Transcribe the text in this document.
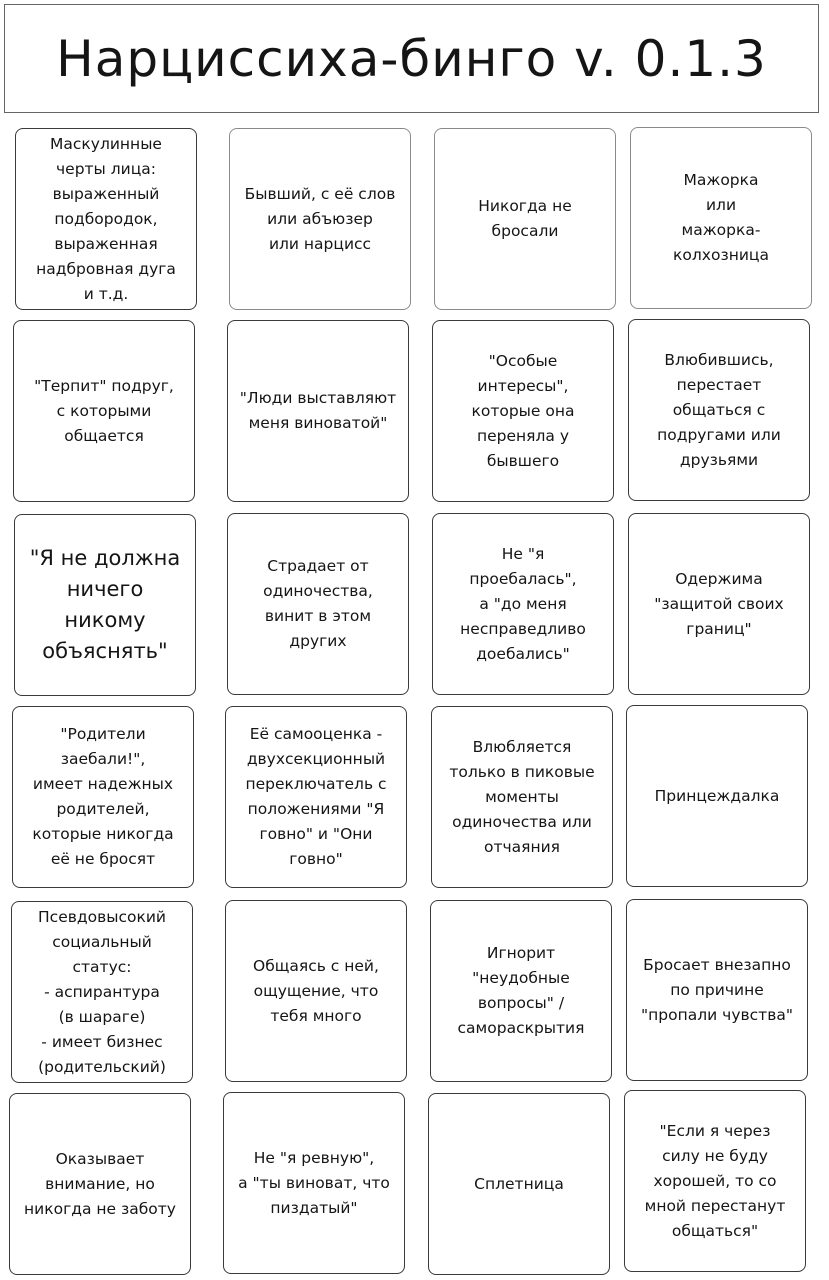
Нарциссиха-бинго v. 0.1.3
Маскулинные
черты лица:
выраженный
подбородок,
выраженная
надбровная дуга
и т.д.
Бывший, с её слов
или абъюзер
или нарцисс
Никогда не
бросали
Мажорка
или
мажорка-
колхозница
"Терпит" подруг,
с которыми
общается
"Люди выставляют
меня виноватой"
"Особые
интересы",
которые она
переняла у
бывшего
Влюбившись,
перестает
общаться с
подругами или
друзьями
"Я не должна
ничего
никому
объяснять"
Страдает от
одиночества,
винит в этом
других
Не "я
проебалась",
а "до меня
несправедливо
доебались"
Одержима
"защитой своих
границ"
"Родители
заебали!",
имеет надежных
родителей,
которые никогда
её не бросят
Её самооценка -
двухсекционный
переключатель с
положениями "Я
говно" и "Они
говно"
Влюбляется
только в пиковые
моменты
одиночества или
отчаяния
Принцеждалка
Псевдовысокий
социальный
статус:
- аспирантура
(в шараге)
- имеет бизнес
(родительский)
Общаясь с ней,
ощущение, что
тебя много
Игнорит
"неудобные
вопросы" /
самораскрытия
Бросает внезапно
по причине
"пропали чувства"
Оказывает
внимание, но
никогда не заботу
Не "я ревную",
а "ты виноват, что
пиздатый"
Сплетница
"Если я через
силу не буду
хорошей, то со
мной перестанут
общаться"
